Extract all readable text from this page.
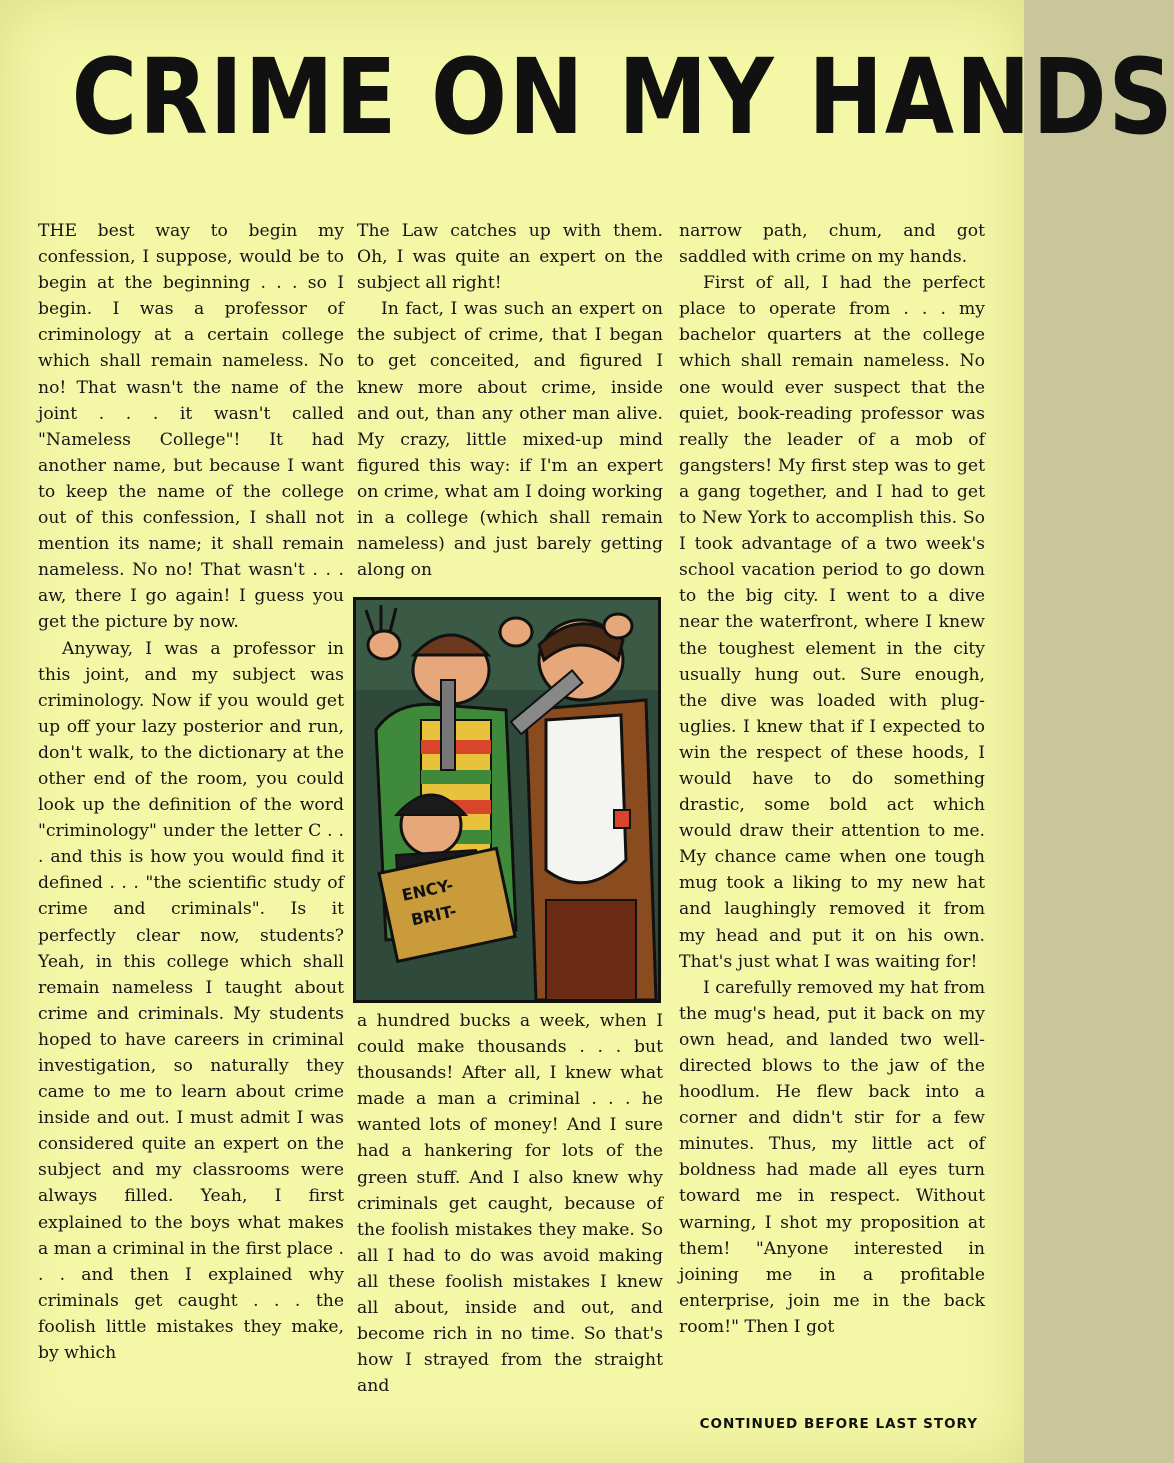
CRIME ON MY HANDS

THE best way to begin my confession, I suppose, would be to begin at the beginning . . . so I begin. I was a professor of criminology at a certain college which shall remain nameless. No no! That wasn't the name of the joint . . . it wasn't called "Nameless College"! It had another name, but because I want to keep the name of the college out of this confession, I shall not mention its name; it shall remain nameless. No no! That wasn't . . . aw, there I go again! I guess you get the picture by now.

Anyway, I was a professor in this joint, and my subject was criminology. Now if you would get up off your lazy posterior and run, don't walk, to the dictionary at the other end of the room, you could look up the definition of the word "criminology" under the letter C . . . and this is how you would find it defined . . . "the scientific study of crime and criminals". Is it perfectly clear now, students? Yeah, in this college which shall remain nameless I taught about crime and criminals. My students hoped to have careers in criminal investigation, so naturally they came to me to learn about crime inside and out. I must admit I was considered quite an expert on the subject and my classrooms were always filled. Yeah, I first explained to the boys what makes a man a criminal in the first place . . . and then I explained why criminals get caught . . . the foolish little mistakes they make, by which

The Law catches up with them. Oh, I was quite an expert on the subject all right!

In fact, I was such an expert on the subject of crime, that I began to get conceited, and figured I knew more about crime, inside and out, than any other man alive. My crazy, little mixed-up mind figured this way: if I'm an expert on crime, what am I doing working in a college (which shall remain nameless) and just barely getting along on

a hundred bucks a week, when I could make thousands . . . but thousands! After all, I knew what made a man a criminal . . . he wanted lots of money! And I sure had a hankering for lots of the green stuff. And I also knew why criminals get caught, because of the foolish mistakes they make. So all I had to do was avoid making all these foolish mistakes I knew all about, inside and out, and become rich in no time. So that's how I strayed from the straight and

ENCY-
BRIT-

narrow path, chum, and got saddled with crime on my hands.

First of all, I had the perfect place to operate from . . . my bachelor quarters at the college which shall remain nameless. No one would ever suspect that the quiet, book-reading professor was really the leader of a mob of gangsters! My first step was to get a gang together, and I had to get to New York to accomplish this. So I took advantage of a two week's school vacation period to go down to the big city. I went to a dive near the waterfront, where I knew the toughest element in the city usually hung out. Sure enough, the dive was loaded with plug-uglies. I knew that if I expected to win the respect of these hoods, I would have to do something drastic, some bold act which would draw their attention to me. My chance came when one tough mug took a liking to my new hat and laughingly removed it from my head and put it on his own. That's just what I was waiting for!

I carefully removed my hat from the mug's head, put it back on my own head, and landed two well-directed blows to the jaw of the hoodlum. He flew back into a corner and didn't stir for a few minutes. Thus, my little act of boldness had made all eyes turn toward me in respect. Without warning, I shot my proposition at them! "Anyone interested in joining me in a profitable enterprise, join me in the back room!" Then I got

CONTINUED BEFORE LAST STORY
